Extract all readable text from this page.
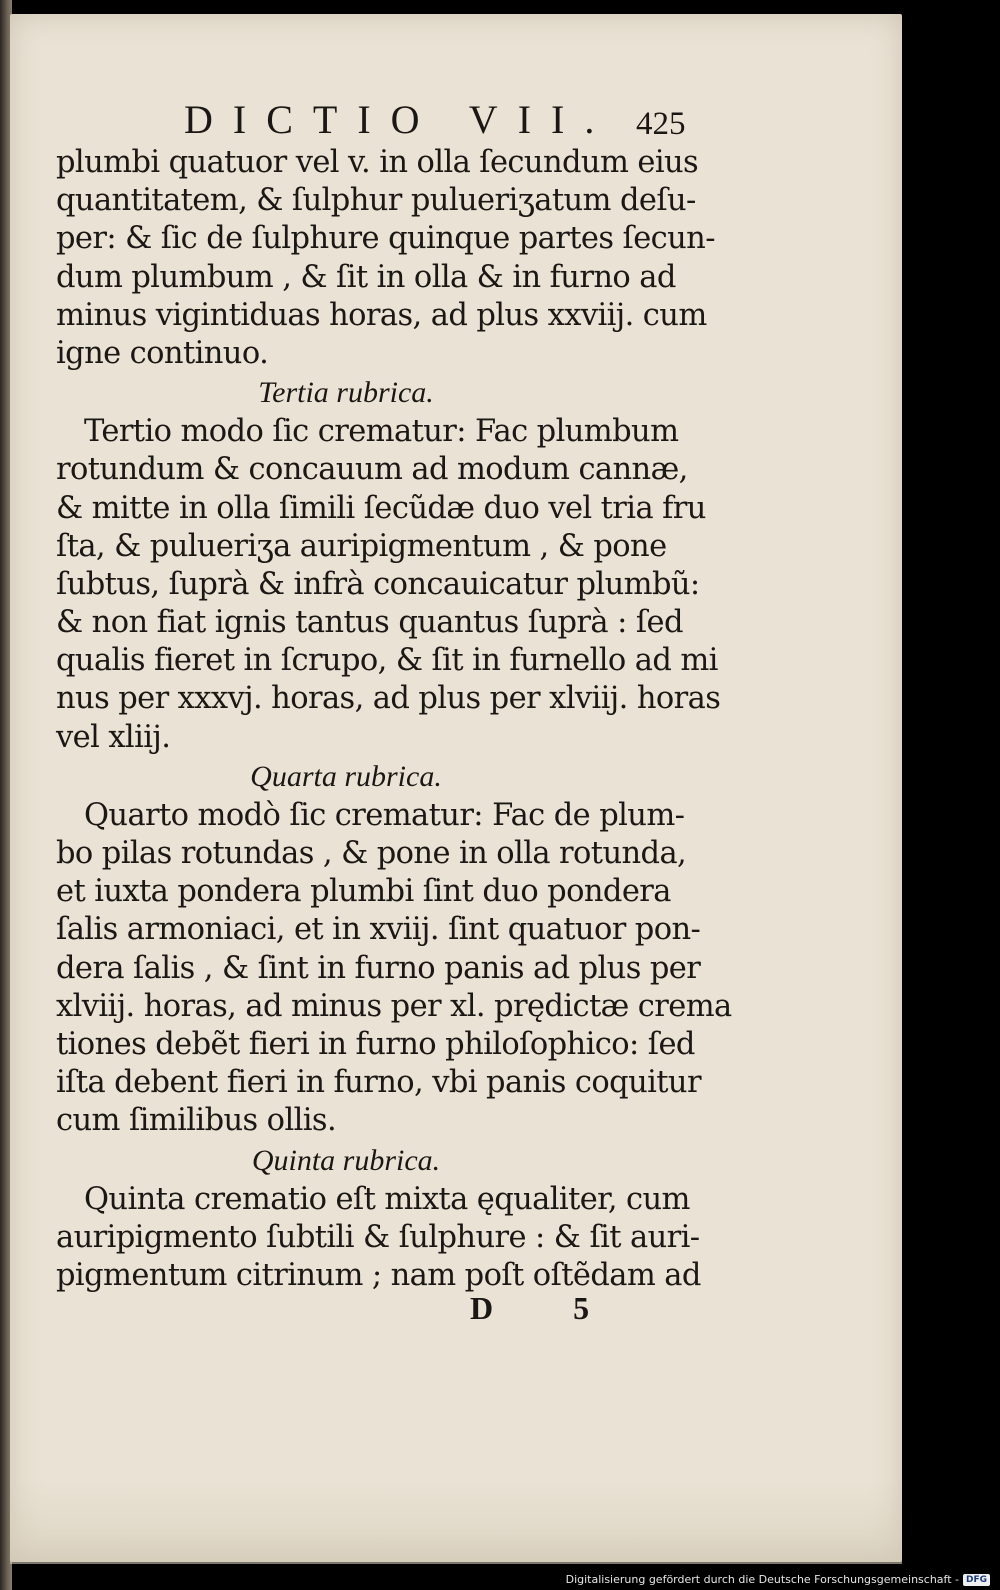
DICTIO VII. 425
plumbi quatuor vel v. in olla ſecundum eius
quantitatem, & ſulphur pulueriʒatum deſu-
per: & ſic de ſulphure quinque partes ſecun-
dum plumbum , & ſit in olla & in furno ad
minus vigintiduas horas, ad plus xxviij. cum
igne continuo.
Tertia rubrica.
Tertio modo ſic crematur: Fac plumbum
rotundum & concauum ad modum cannæ,
& mitte in olla ſimili ſecũdæ duo vel tria fru
ſta, & pulueriʒa auripigmentum , & pone
ſubtus, ſuprà & infrà concauicatur plumbũ:
& non fiat ignis tantus quantus ſuprà : ſed
qualis fieret in ſcrupo, & ſit in furnello ad mi
nus per xxxvj. horas, ad plus per xlviij. horas
vel xliij.
Quarta rubrica.
Quarto modò ſic crematur: Fac de plum-
bo pilas rotundas , & pone in olla rotunda,
et iuxta pondera plumbi ſint duo pondera
ſalis armoniaci, et in xviij. ſint quatuor pon-
dera ſalis , & ſint in furno panis ad plus per
xlviij. horas, ad minus per xl. prędictæ crema
tiones debẽt fieri in furno philoſophico: ſed
iſta debent fieri in furno, vbi panis coquitur
cum ſimilibus ollis.
Quinta rubrica.
Quinta crematio eſt mixta ęqualiter, cum
auripigmento ſubtili & ſulphure : & ſit auri-
pigmentum citrinum ; nam poſt oſtẽdam ad
D 5
Digitalisierung gefördert durch die Deutsche Forschungsgemeinschaft - DFG
